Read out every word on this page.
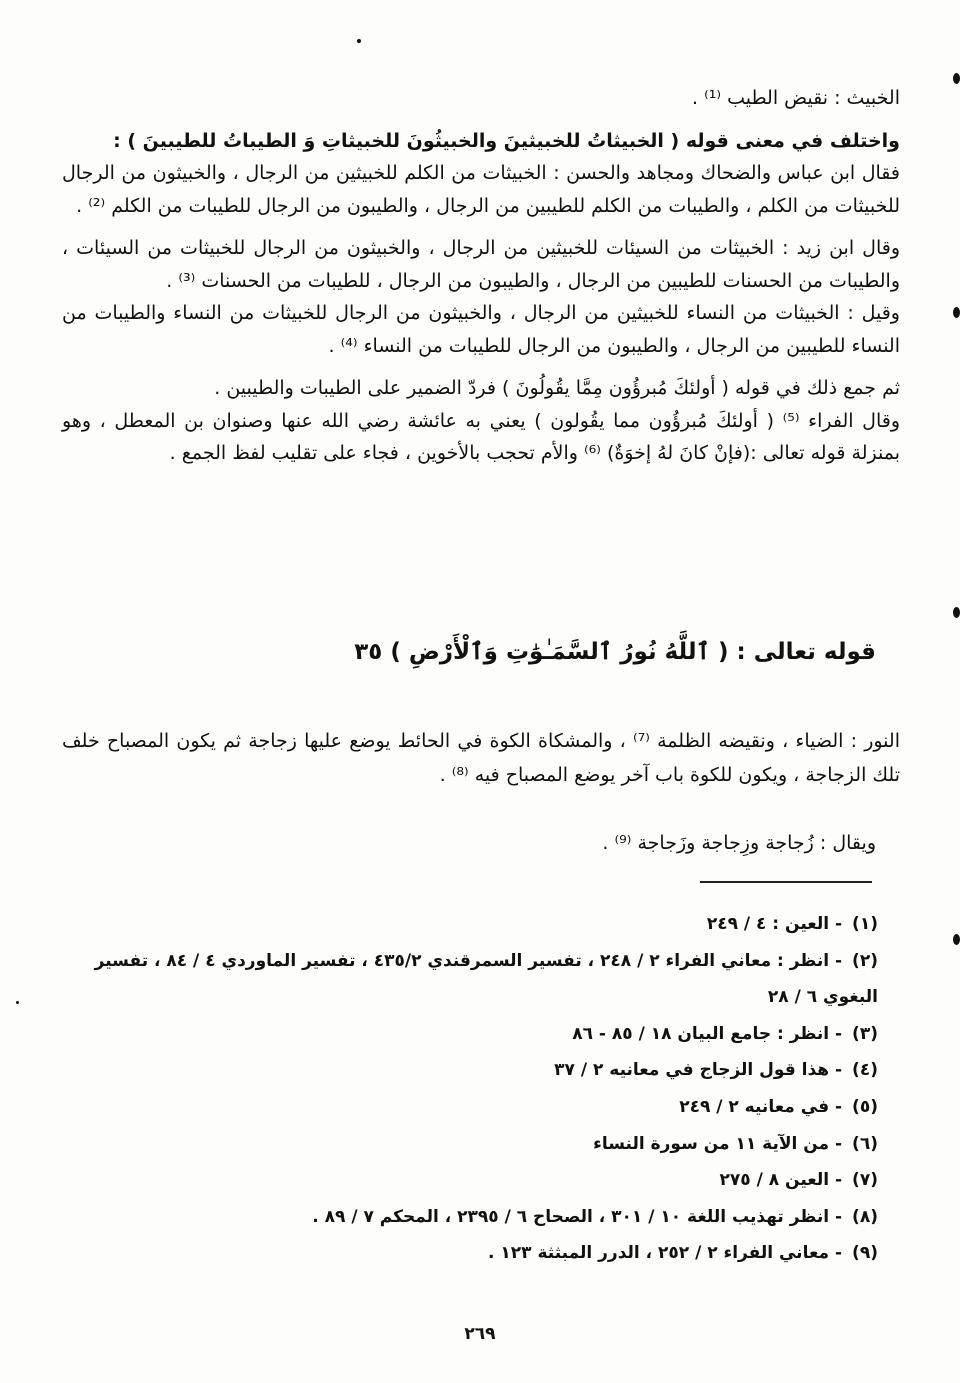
الخبيث : نقيض الطيب ⁽¹⁾ .

واختلف في معنى قوله ( الخبيثاتُ للخبيثينَ والخبيثُونَ للخبيثاتِ وَ الطيباتُ للطيبينَ ) :

فقال ابن عباس والضحاك ومجاهد والحسن : الخبيثات من الكلم للخبيثين من الرجال ، والخبيثون من الرجال للخبيثات من الكلم ، والطيبات من الكلم للطيبين من الرجال ، والطيبون من الرجال للطيبات من الكلم ⁽²⁾ .

وقال ابن زيد : الخبيثات من السيئات للخبيثين من الرجال ، والخبيثون من الرجال للخبيثات من السيئات ، والطيبات من الحسنات للطيبين من الرجال ، والطيبون من الرجال ، للطيبات من الحسنات ⁽³⁾ .

وقيل : الخبيثات من النساء للخبيثين من الرجال ، والخبيثون من الرجال للخبيثات من النساء والطيبات من النساء للطيبين من الرجال ، والطيبون من الرجال للطيبات من النساء ⁽⁴⁾ .

ثم جمع ذلك في قوله ( أولئكَ مُبرؤُون مِمَّا يقُولُونَ ) فردّ الضمير على الطيبات والطيبين .

وقال الفراء ⁽⁵⁾ ( أولئكَ مُبرؤُون مما يقُولون ) يعني به عائشة رضي الله عنها وصنوان بن المعطل ، وهو بمنزلة قوله تعالى :(فإنْ كانَ لهُ إخوَةٌ) ⁽⁶⁾ والأم تحجب بالأخوين ، فجاء على تقليب لفظ الجمع .

قوله تعالى : ( ٱللَّهُ نُورُ ٱلسَّمَـٰوَٰتِ وَٱلْأَرْضِ ) ٣٥

النور : الضياء ، ونقيضه الظلمة ⁽⁷⁾ ، والمشكاة الكوة في الحائط يوضع عليها زجاجة ثم يكون المصباح خلف تلك الزجاجة ، ويكون للكوة باب آخر يوضع المصباح فيه ⁽⁸⁾ .

ويقال : زُجاجة وزِجاجة وزَجاجة ⁽⁹⁾ .
(١)- العين : ٤ / ٢٤٩
(٢)- انظر : معاني الفراء ٢ / ٢٤٨ ، تفسير السمرقندي ٤٣٥/٢ ، تفسير الماوردي ٤ / ٨٤ ، تفسير البغوي ٦ / ٢٨
(٣)- انظر : جامع البيان ١٨ / ٨٥ - ٨٦
(٤)- هذا قول الزجاج في معانيه ٢ / ٣٧
(٥)- في معانيه ٢ / ٢٤٩
(٦)- من الآية ١١ من سورة النساء
(٧)- العين ٨ / ٢٧٥
(٨)- انظر تهذيب اللغة ١٠ / ٣٠١ ، الصحاح ٦ / ٢٣٩٥ ، المحكم ٧ / ٨٩ .
(٩)- معاني الفراء ٢ / ٢٥٢ ، الدرر المبثثة ١٢٣ .
٢٦٩
